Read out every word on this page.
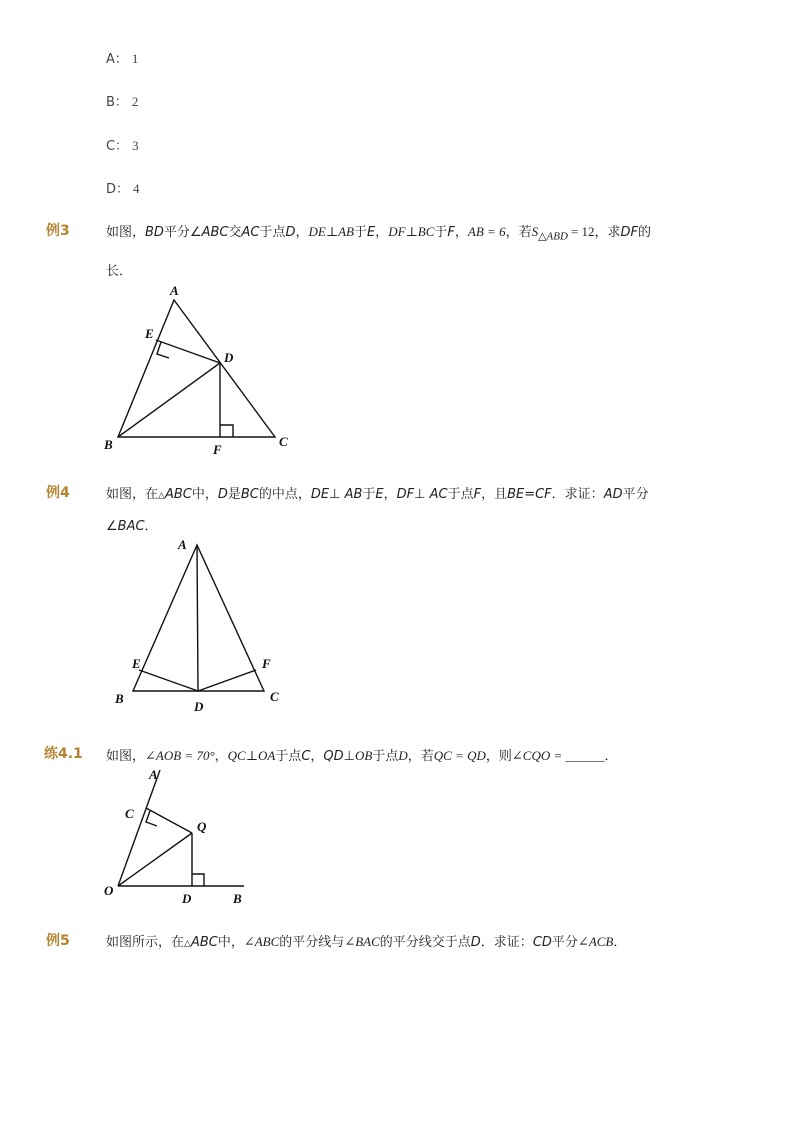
A： 1
B： 2
C： 3
D： 4
例3	如图，BD平分∠ABC交AC于点D，DE⊥AB于E，DF⊥BC于F，AB = 6，若$S_{\triangle ABD} = 12$，求DF的
长．
A
E
D
B	F
C
例4	如图，在△ABC中，D是BC的中点，DE⊥ AB于E，DF⊥ AC于点F，且BE=CF．求证：AD平分
∠BAC．
A
E	F
B
D
C
练4.1 如图，∠AOB = 70°，QC⊥OA于点C，QD⊥OB于点D，若QC = QD，则∠CQO = ______．
A
C
Q
O
D	B
例5	如图所示，在△ABC中，∠ABC的平分线与∠BAC的平分线交于点D．求证：CD平分∠ACB．
